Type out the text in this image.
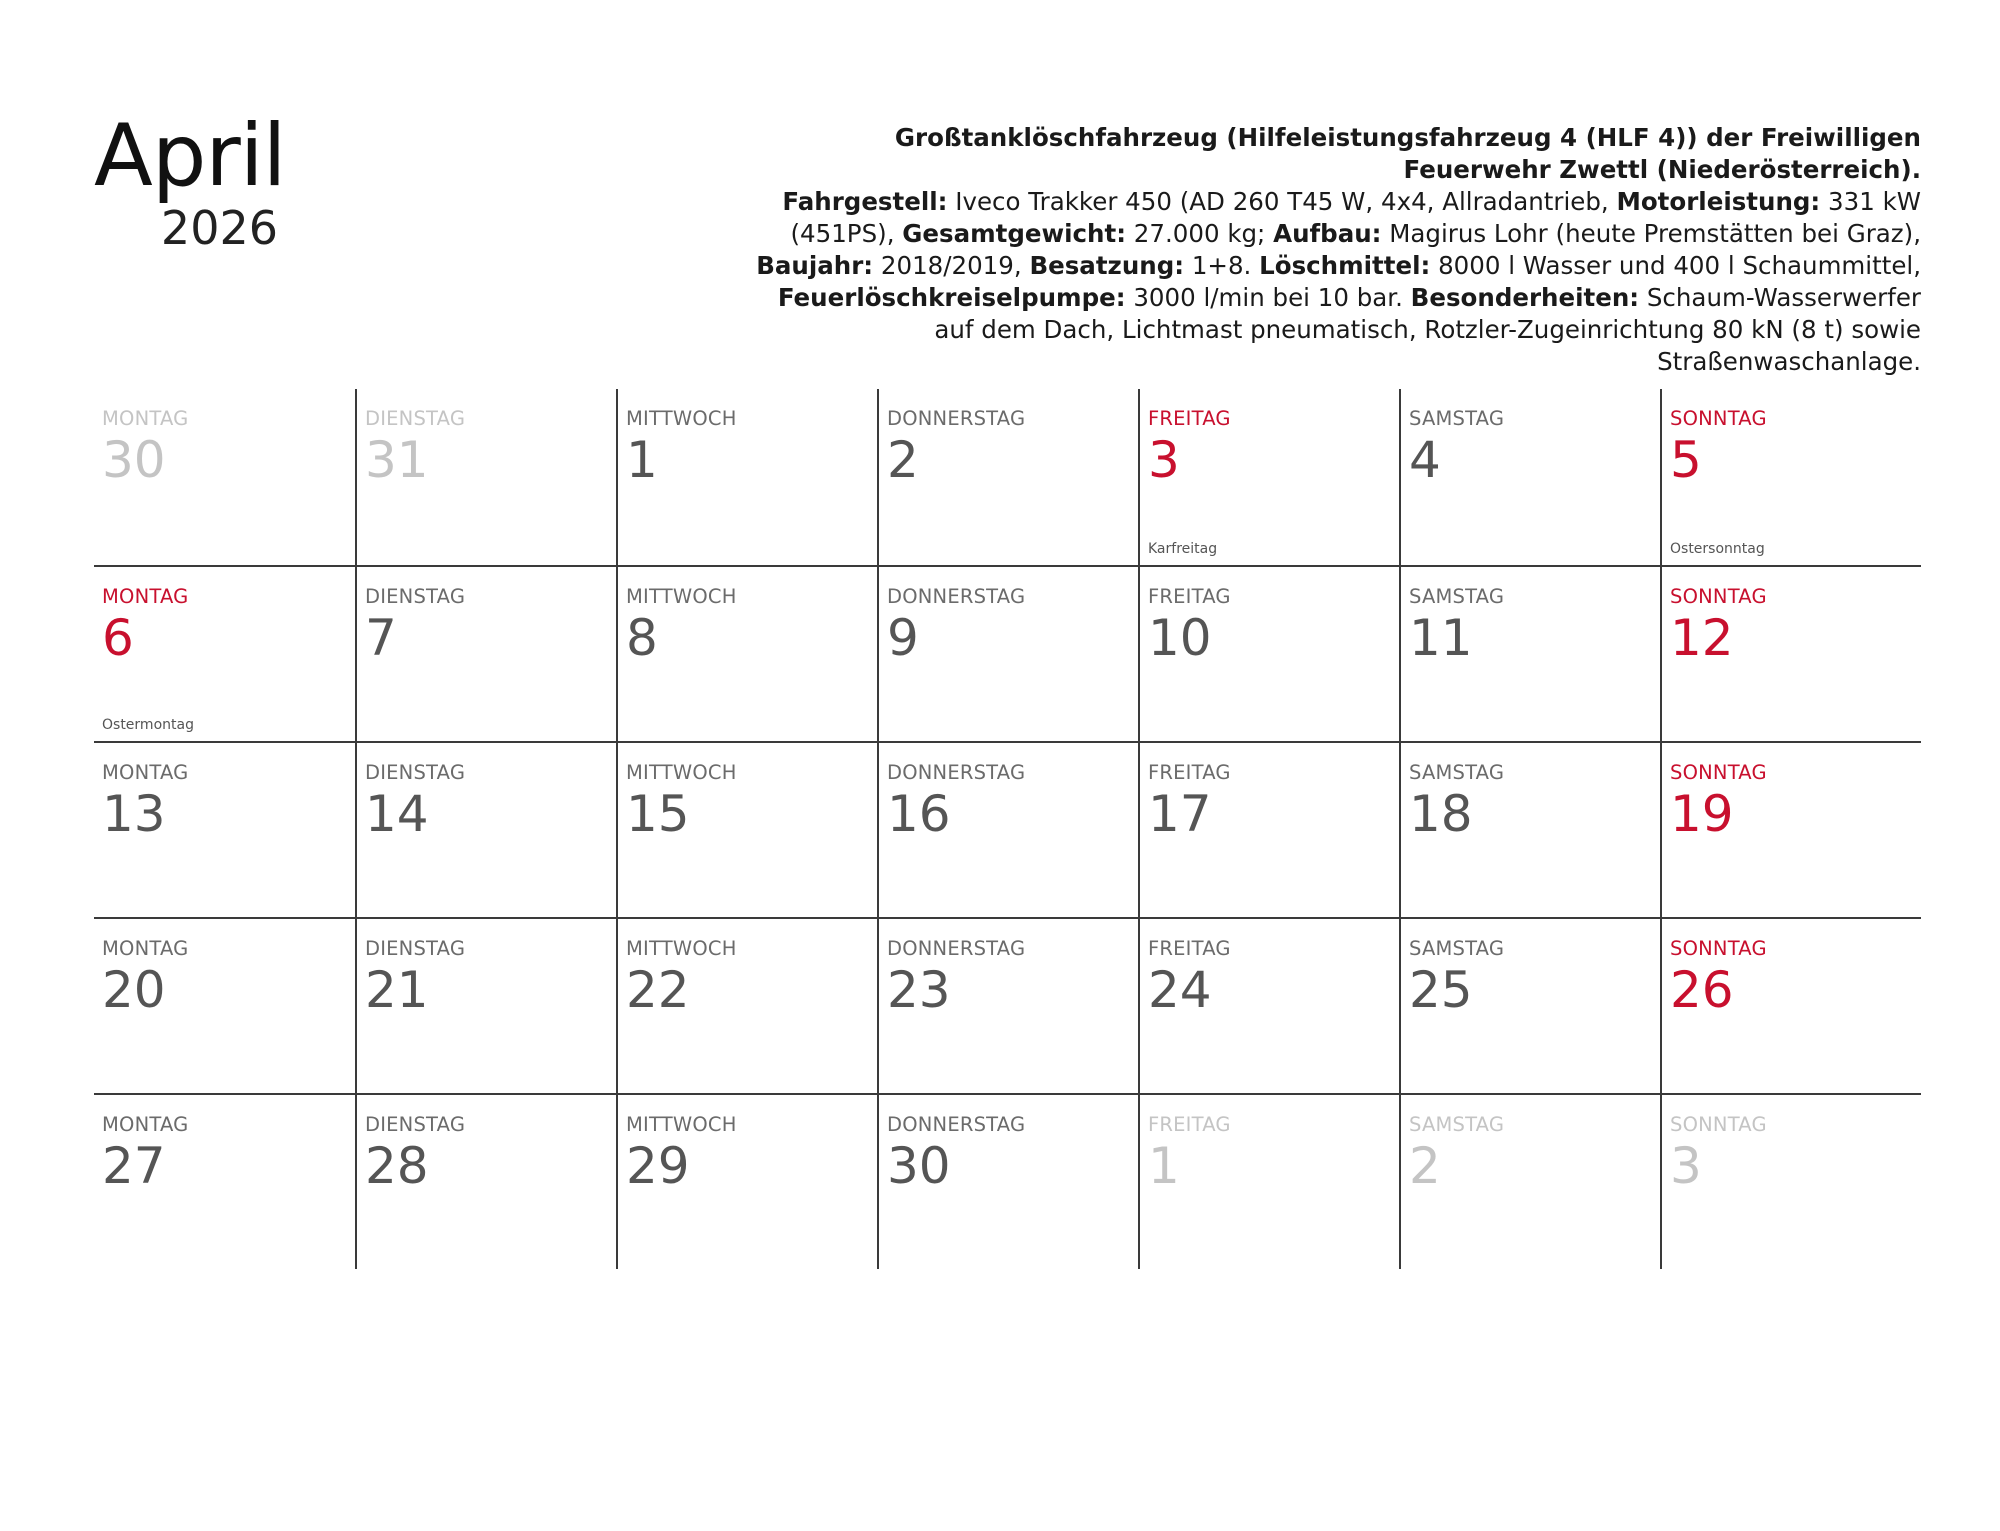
April
2026
Großtanklöschfahrzeug (Hilfeleistungsfahrzeug 4 (HLF 4)) der Freiwilligen Feuerwehr Zwettl (Niederösterreich).
Fahrgestell: Iveco Trakker 450 (AD 260 T45 W, 4x4, Allradantrieb, Motorleistung: 331 kW (451PS), Gesamtgewicht: 27.000 kg; Aufbau: Magirus Lohr (heute Premstätten bei Graz), Baujahr: 2018/2019, Besatzung: 1+8. Löschmittel: 8000 l Wasser und 400 l Schaummittel, Feuerlöschkreiselpumpe: 3000 l/min bei 10 bar. Besonderheiten: Schaum-Wasserwerfer auf dem Dach, Lichtmast pneumatisch, Rotzler-Zugeinrichtung 80 kN (8 t) sowie Straßenwaschanlage.
MONTAG
30
DIENSTAG
31
MITTWOCH
1
DONNERSTAG
2
FREITAG
3
Karfreitag
SAMSTAG
4
SONNTAG
5
Ostersonntag
MONTAG
6
Ostermontag
DIENSTAG
7
MITTWOCH
8
DONNERSTAG
9
FREITAG
10
SAMSTAG
11
SONNTAG
12
MONTAG
13
DIENSTAG
14
MITTWOCH
15
DONNERSTAG
16
FREITAG
17
SAMSTAG
18
SONNTAG
19
MONTAG
20
DIENSTAG
21
MITTWOCH
22
DONNERSTAG
23
FREITAG
24
SAMSTAG
25
SONNTAG
26
MONTAG
27
DIENSTAG
28
MITTWOCH
29
DONNERSTAG
30
FREITAG
1
SAMSTAG
2
SONNTAG
3
